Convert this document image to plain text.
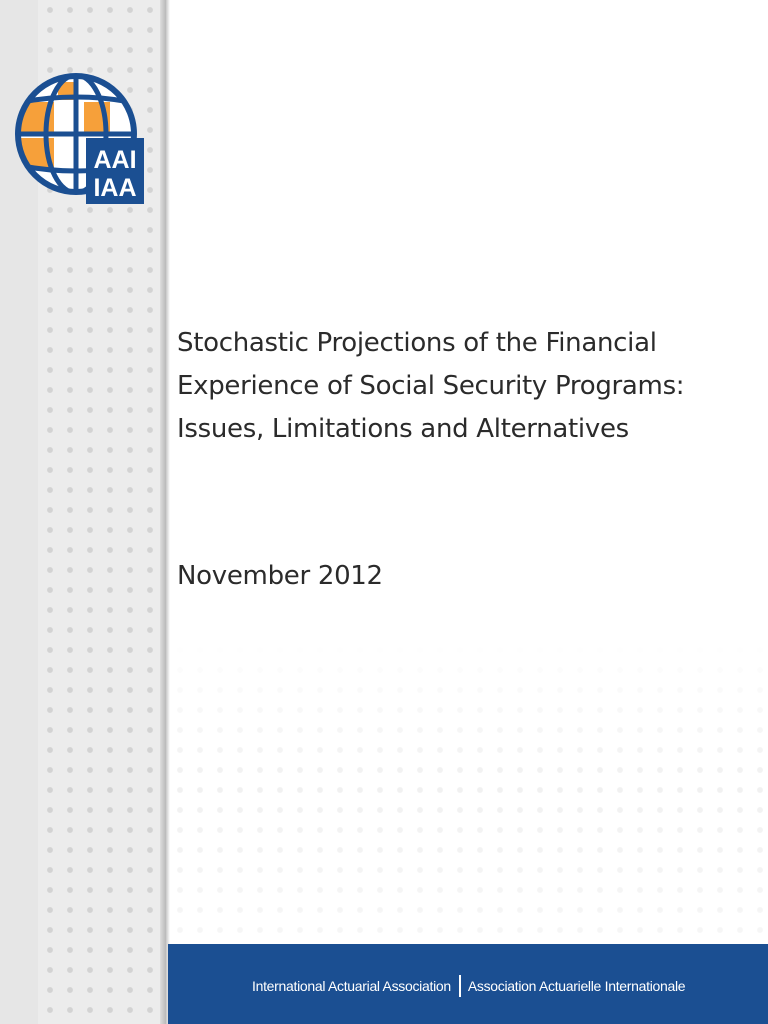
AAI
IAA
Stochastic Projections of the Financial
Experience of Social Security Programs:
Issues, Limitations and Alternatives
November 2012
International Actuarial Association Association Actuarielle Internationale
